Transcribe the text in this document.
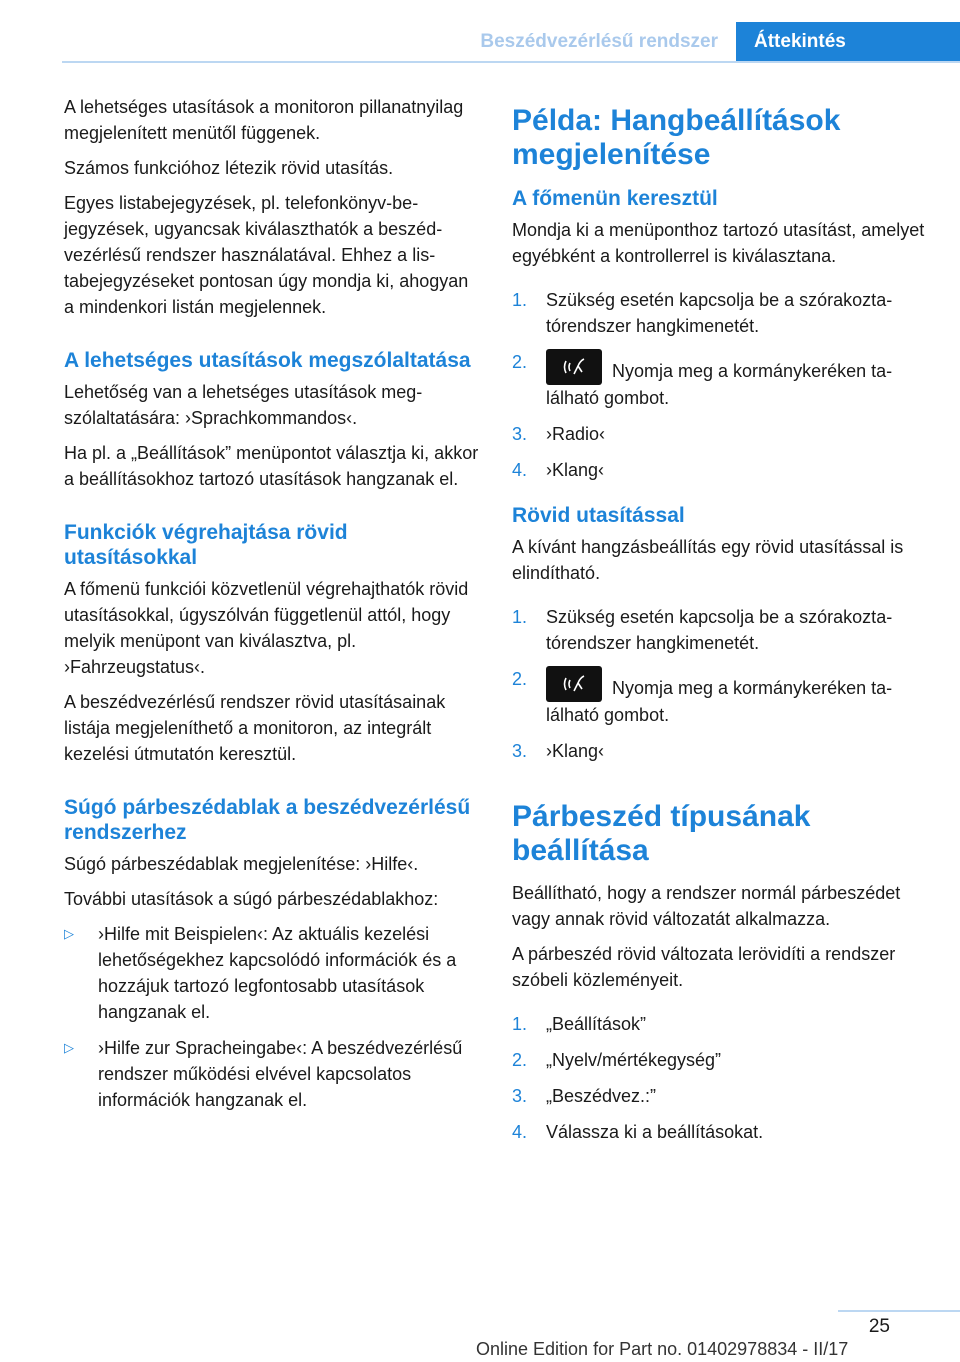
Beszédvezérlésű rendszer	Áttekintés

A lehetséges utasítások a monitoron pillanatnyilag megjelenített menütől függenek.

Számos funkcióhoz létezik rövid utasítás.

Egyes listabejegyzések, pl. telefonkönyv-bejegyzések, ugyancsak kiválaszthatók a beszédvezérlésű rendszer használatával. Ehhez a listabejegyzéseket pontosan úgy mondja ki, ahogyan a mindenkori listán megjelennek.

A lehetséges utasítások megszólaltatása

Lehetőség van a lehetséges utasítások megszólaltatására: ›Sprachkommandos‹.

Ha pl. a „Beállítások” menüpontot választja ki, akkor a beállításokhoz tartozó utasítások hangzanak el.

Funkciók végrehajtása rövid utasításokkal

A főmenü funkciói közvetlenül végrehajthatók rövid utasításokkal, úgyszólván függetlenül attól, hogy melyik menüpont van kiválasztva, pl. ›Fahrzeugstatus‹.

A beszédvezérlésű rendszer rövid utasításainak listája megjeleníthető a monitoron, az integrált kezelési útmutatón keresztül.

Súgó párbeszédablak a beszédvezérlésű rendszerhez

Súgó párbeszédablak megjelenítése: ›Hilfe‹.

További utasítások a súgó párbeszédablakhoz:

▷ ›Hilfe mit Beispielen‹: Az aktuális kezelési lehetőségekhez kapcsolódó információk és a hozzájuk tartozó legfontosabb utasítások hangzanak el.
▷ ›Hilfe zur Spracheingabe‹: A beszédvezérlésű rendszer működési elvével kapcsolatos információk hangzanak el.
Példa: Hangbeállítások megjelenítése
A főmenün keresztül

Mondja ki a menüponthoz tartozó utasítást, amelyet egyébként a kontrollerrel is kiválasztana.

1. Szükség esetén kapcsolja be a szórakoztatórendszer hangkimenetét.
2.	Nyomja meg a kormánykeréken található gombot.
3. ›Radio‹
4. ›Klang‹
Rövid utasítással

A kívánt hangzásbeállítás egy rövid utasítással is elindítható.

1. Szükség esetén kapcsolja be a szórakoztatórendszer hangkimenetét.
2.	Nyomja meg a kormánykeréken található gombot.
3. ›Klang‹
Párbeszéd típusának beállítása

Beállítható, hogy a rendszer normál párbeszédet vagy annak rövid változatát alkalmazza.

A párbeszéd rövid változata lerövidíti a rendszer szóbeli közleményeit.

1. „Beállítások”
2. „Nyelv/mértékegység”
3. „Beszédvez.:”
4. Válassza ki a beállításokat.
25
Online Edition for Part no. 01402978834 - II/17
